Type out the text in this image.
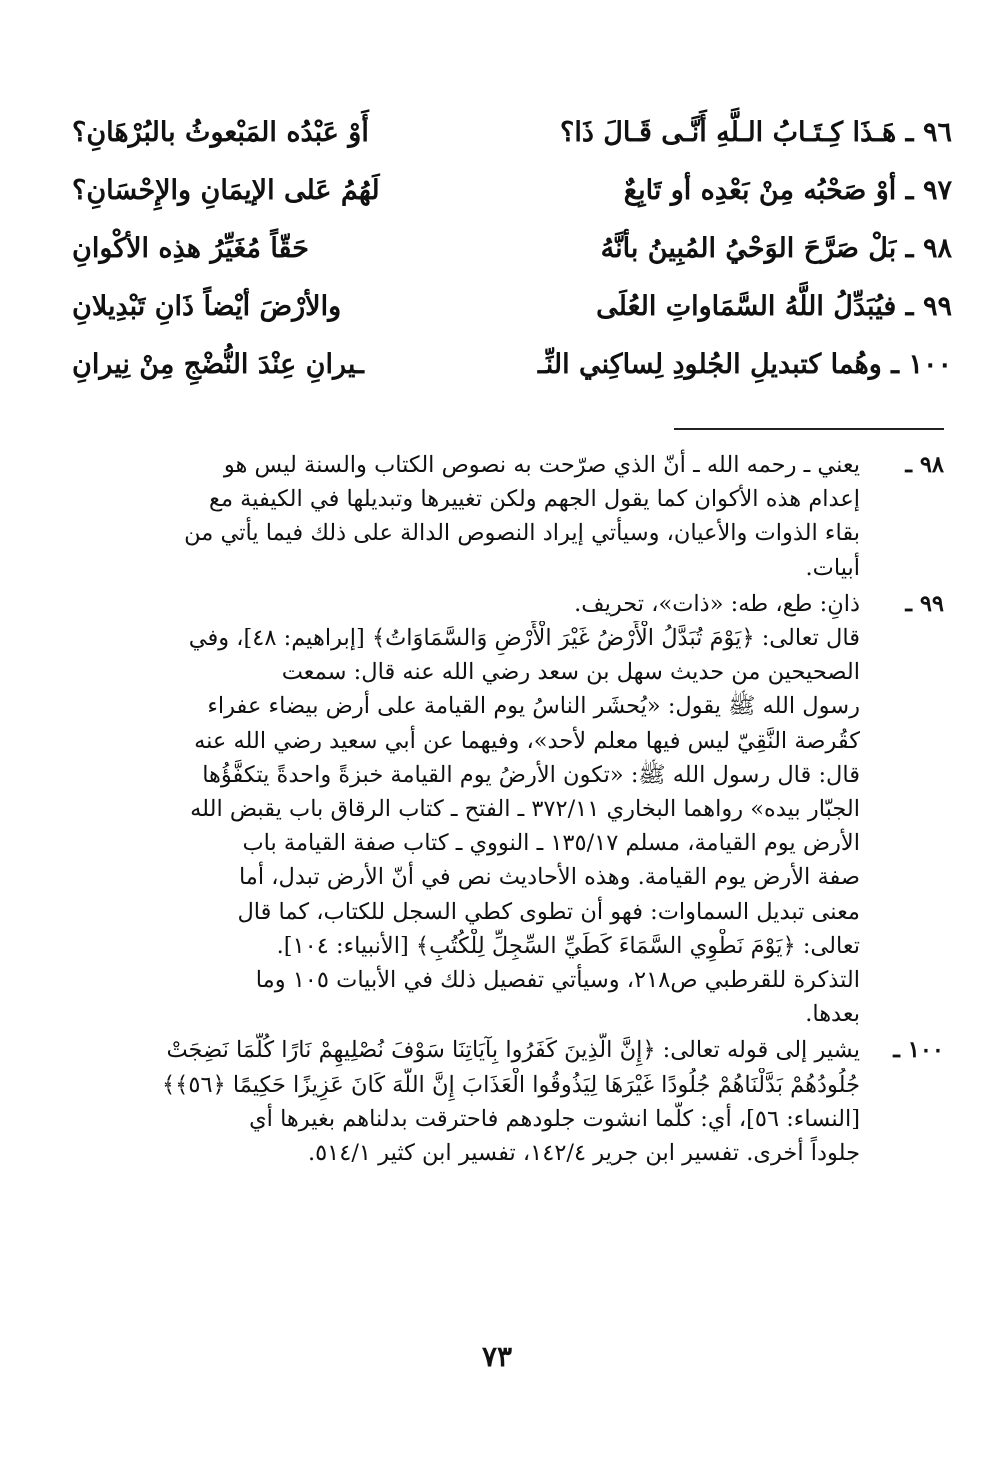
٩٦ ـ هَـذَا كِـتَـابُ الـلَّهِ أَنَّـى قَـالَ ذَا؟
أَوْ عَبْدُه المَبْعوثُ بالبُرْهَانِ؟
٩٧ ـ أوْ صَحْبُه مِنْ بَعْدِه أو تَابِعٌ
لَهُمُ عَلى الإيمَانِ والإِحْسَانِ؟
٩٨ ـ بَلْ صَرَّحَ الوَحْيُ المُبِينُ بأنَّهُ
حَقّاً مُغَيِّرُ هذِه الأكْوانِ
٩٩ ـ فيُبَدِّلُ اللَّهُ السَّمَاواتِ العُلَى
والأرْضَ أيْضاً ذَانِ تَبْدِيلانِ
١٠٠ ـ وهُما كتبديلِ الجُلودِ لِساكِني النِّـ
ـيرانِ عِنْدَ النُّضْجِ مِنْ نِيرانِ
٩٨ ـ
يعني ـ رحمه الله ـ أنّ الذي صرّحت به نصوص الكتاب والسنة ليس هو
إعدام هذه الأكوان كما يقول الجهم ولكن تغييرها وتبديلها في الكيفية مع
بقاء الذوات والأعيان، وسيأتي إيراد النصوص الدالة على ذلك فيما يأتي من
أبيات.
٩٩ ـ
ذانِ: طع، طه: «ذات»، تحريف.
قال تعالى: ﴿يَوْمَ تُبَدَّلُ الْأَرْضُ غَيْرَ الْأَرْضِ وَالسَّمَاوَاتُ﴾ [إبراهيم: ٤٨]، وفي
الصحيحين من حديث سهل بن سعد رضي الله عنه قال: سمعت
رسول الله ﷺ يقول: «يُحشَر الناسُ يوم القيامة على أرض بيضاء عفراء
كقُرصة النَّقِيّ ليس فيها معلم لأحد»، وفيهما عن أبي سعيد رضي الله عنه
قال: قال رسول الله ﷺ: «تكون الأرضُ يوم القيامة خبزةً واحدةً يتكفَّؤُها
الجبّار بيده» رواهما البخاري ٣٧٢/١١ ـ الفتح ـ كتاب الرقاق باب يقبض الله
الأرض يوم القيامة، مسلم ١٣٥/١٧ ـ النووي ـ كتاب صفة القيامة باب
صفة الأرض يوم القيامة. وهذه الأحاديث نص في أنّ الأرض تبدل، أما
معنى تبديل السماوات: فهو أن تطوى كطي السجل للكتاب، كما قال
تعالى: ﴿يَوْمَ نَطْوِي السَّمَاءَ كَطَيِّ السِّجِلِّ لِلْكُتُبِ﴾ [الأنبياء: ١٠٤].
التذكرة للقرطبي ص٢١٨، وسيأتي تفصيل ذلك في الأبيات ١٠٥ وما
بعدها.
١٠٠ ـ
يشير إلى قوله تعالى: ﴿إِنَّ الَّذِينَ كَفَرُوا بِآيَاتِنَا سَوْفَ نُصْلِيهِمْ نَارًا كُلَّمَا نَضِجَتْ
جُلُودُهُمْ بَدَّلْنَاهُمْ جُلُودًا غَيْرَهَا لِيَذُوقُوا الْعَذَابَ إِنَّ اللَّهَ كَانَ عَزِيزًا حَكِيمًا ﴿٥٦﴾﴾
[النساء: ٥٦]، أي: كلّما انشوت جلودهم فاحترقت بدلناهم بغيرها أي
جلوداً أخرى. تفسير ابن جرير ١٤٢/٤، تفسير ابن كثير ٥١٤/١.
٧٣
